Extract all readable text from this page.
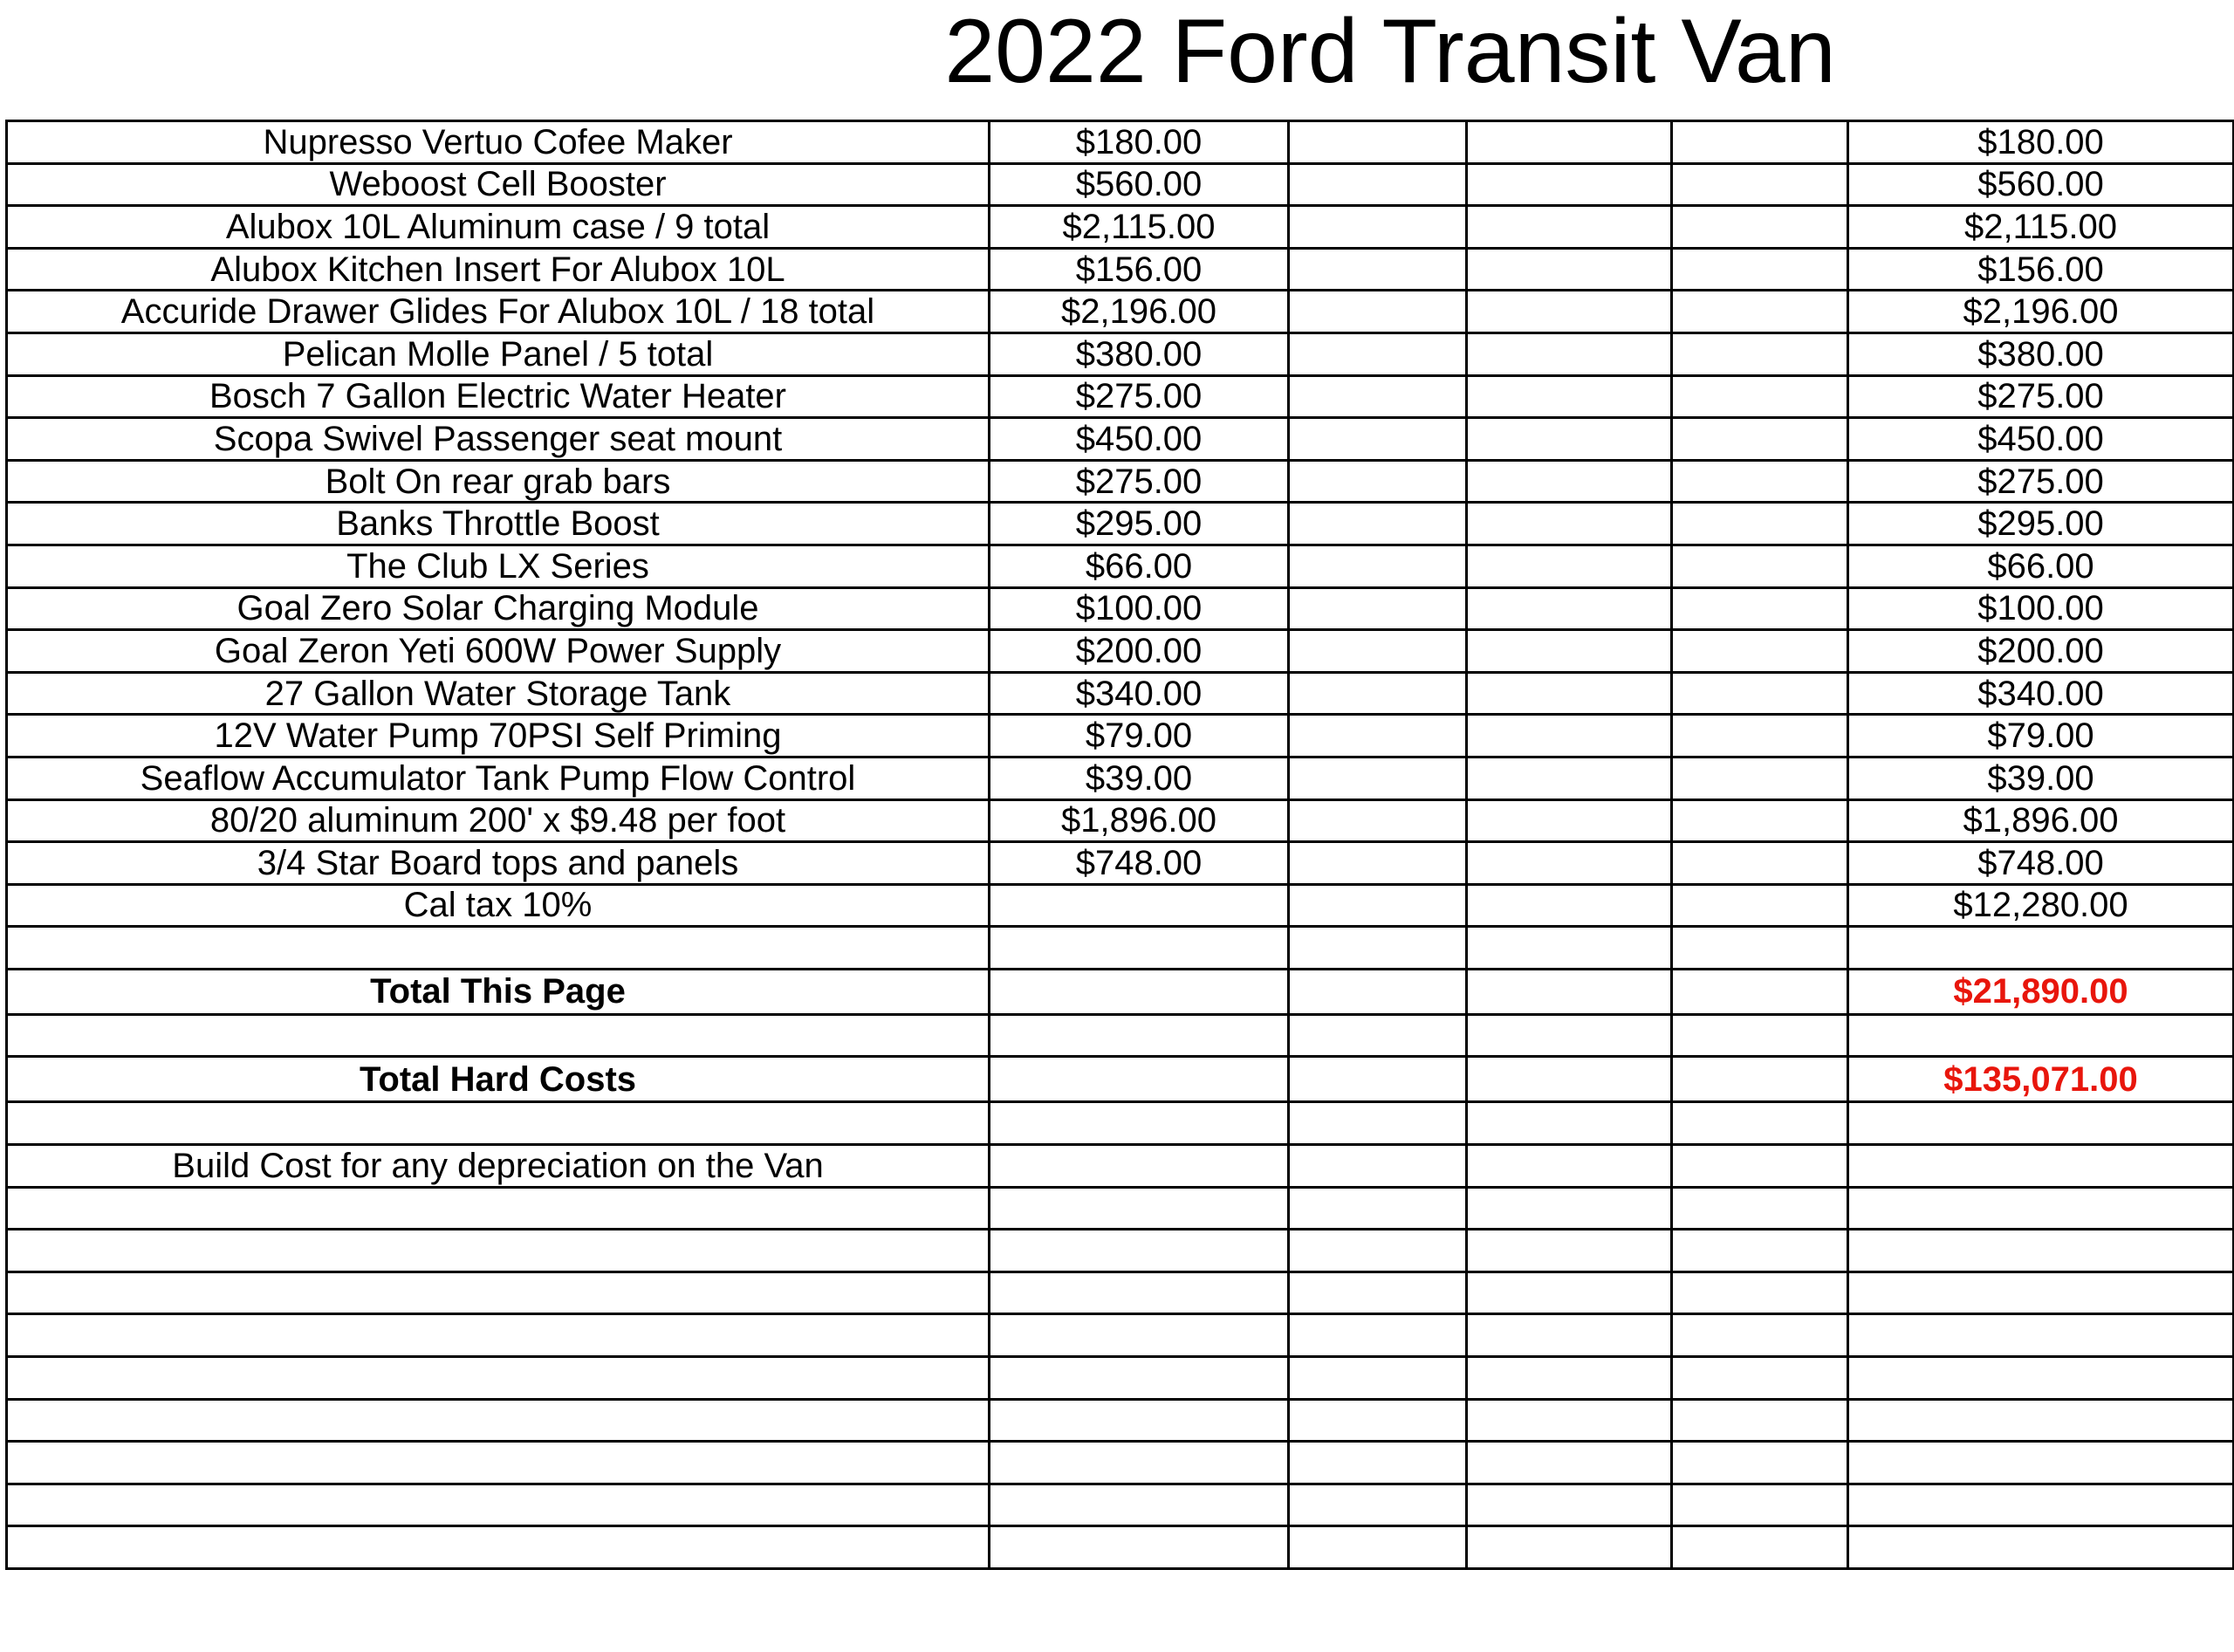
2022 Ford Transit Van
Nupresso Vertuo Cofee Maker	$180.00				$180.00
Weboost Cell Booster	$560.00				$560.00
Alubox 10L Aluminum case / 9 total	$2,115.00				$2,115.00
Alubox Kitchen Insert For Alubox 10L	$156.00				$156.00
Accuride Drawer Glides For Alubox 10L / 18 total	$2,196.00				$2,196.00
Pelican Molle Panel / 5 total	$380.00				$380.00
Bosch 7 Gallon Electric Water Heater	$275.00				$275.00
Scopa Swivel Passenger seat mount	$450.00				$450.00
Bolt On rear grab bars	$275.00				$275.00
Banks Throttle Boost	$295.00				$295.00
The Club LX Series	$66.00				$66.00
Goal Zero Solar Charging Module	$100.00				$100.00
Goal Zeron Yeti 600W Power Supply	$200.00				$200.00
27 Gallon Water Storage Tank	$340.00				$340.00
12V Water Pump 70PSI Self Priming	$79.00				$79.00
Seaflow Accumulator Tank Pump Flow Control	$39.00				$39.00
80/20 aluminum 200' x $9.48 per foot	$1,896.00				$1,896.00
3/4 Star Board tops and panels	$748.00				$748.00
Cal tax 10%					$12,280.00

Total This Page					$21,890.00

Total Hard Costs					$135,071.00

Build Cost for any depreciation on the Van					
